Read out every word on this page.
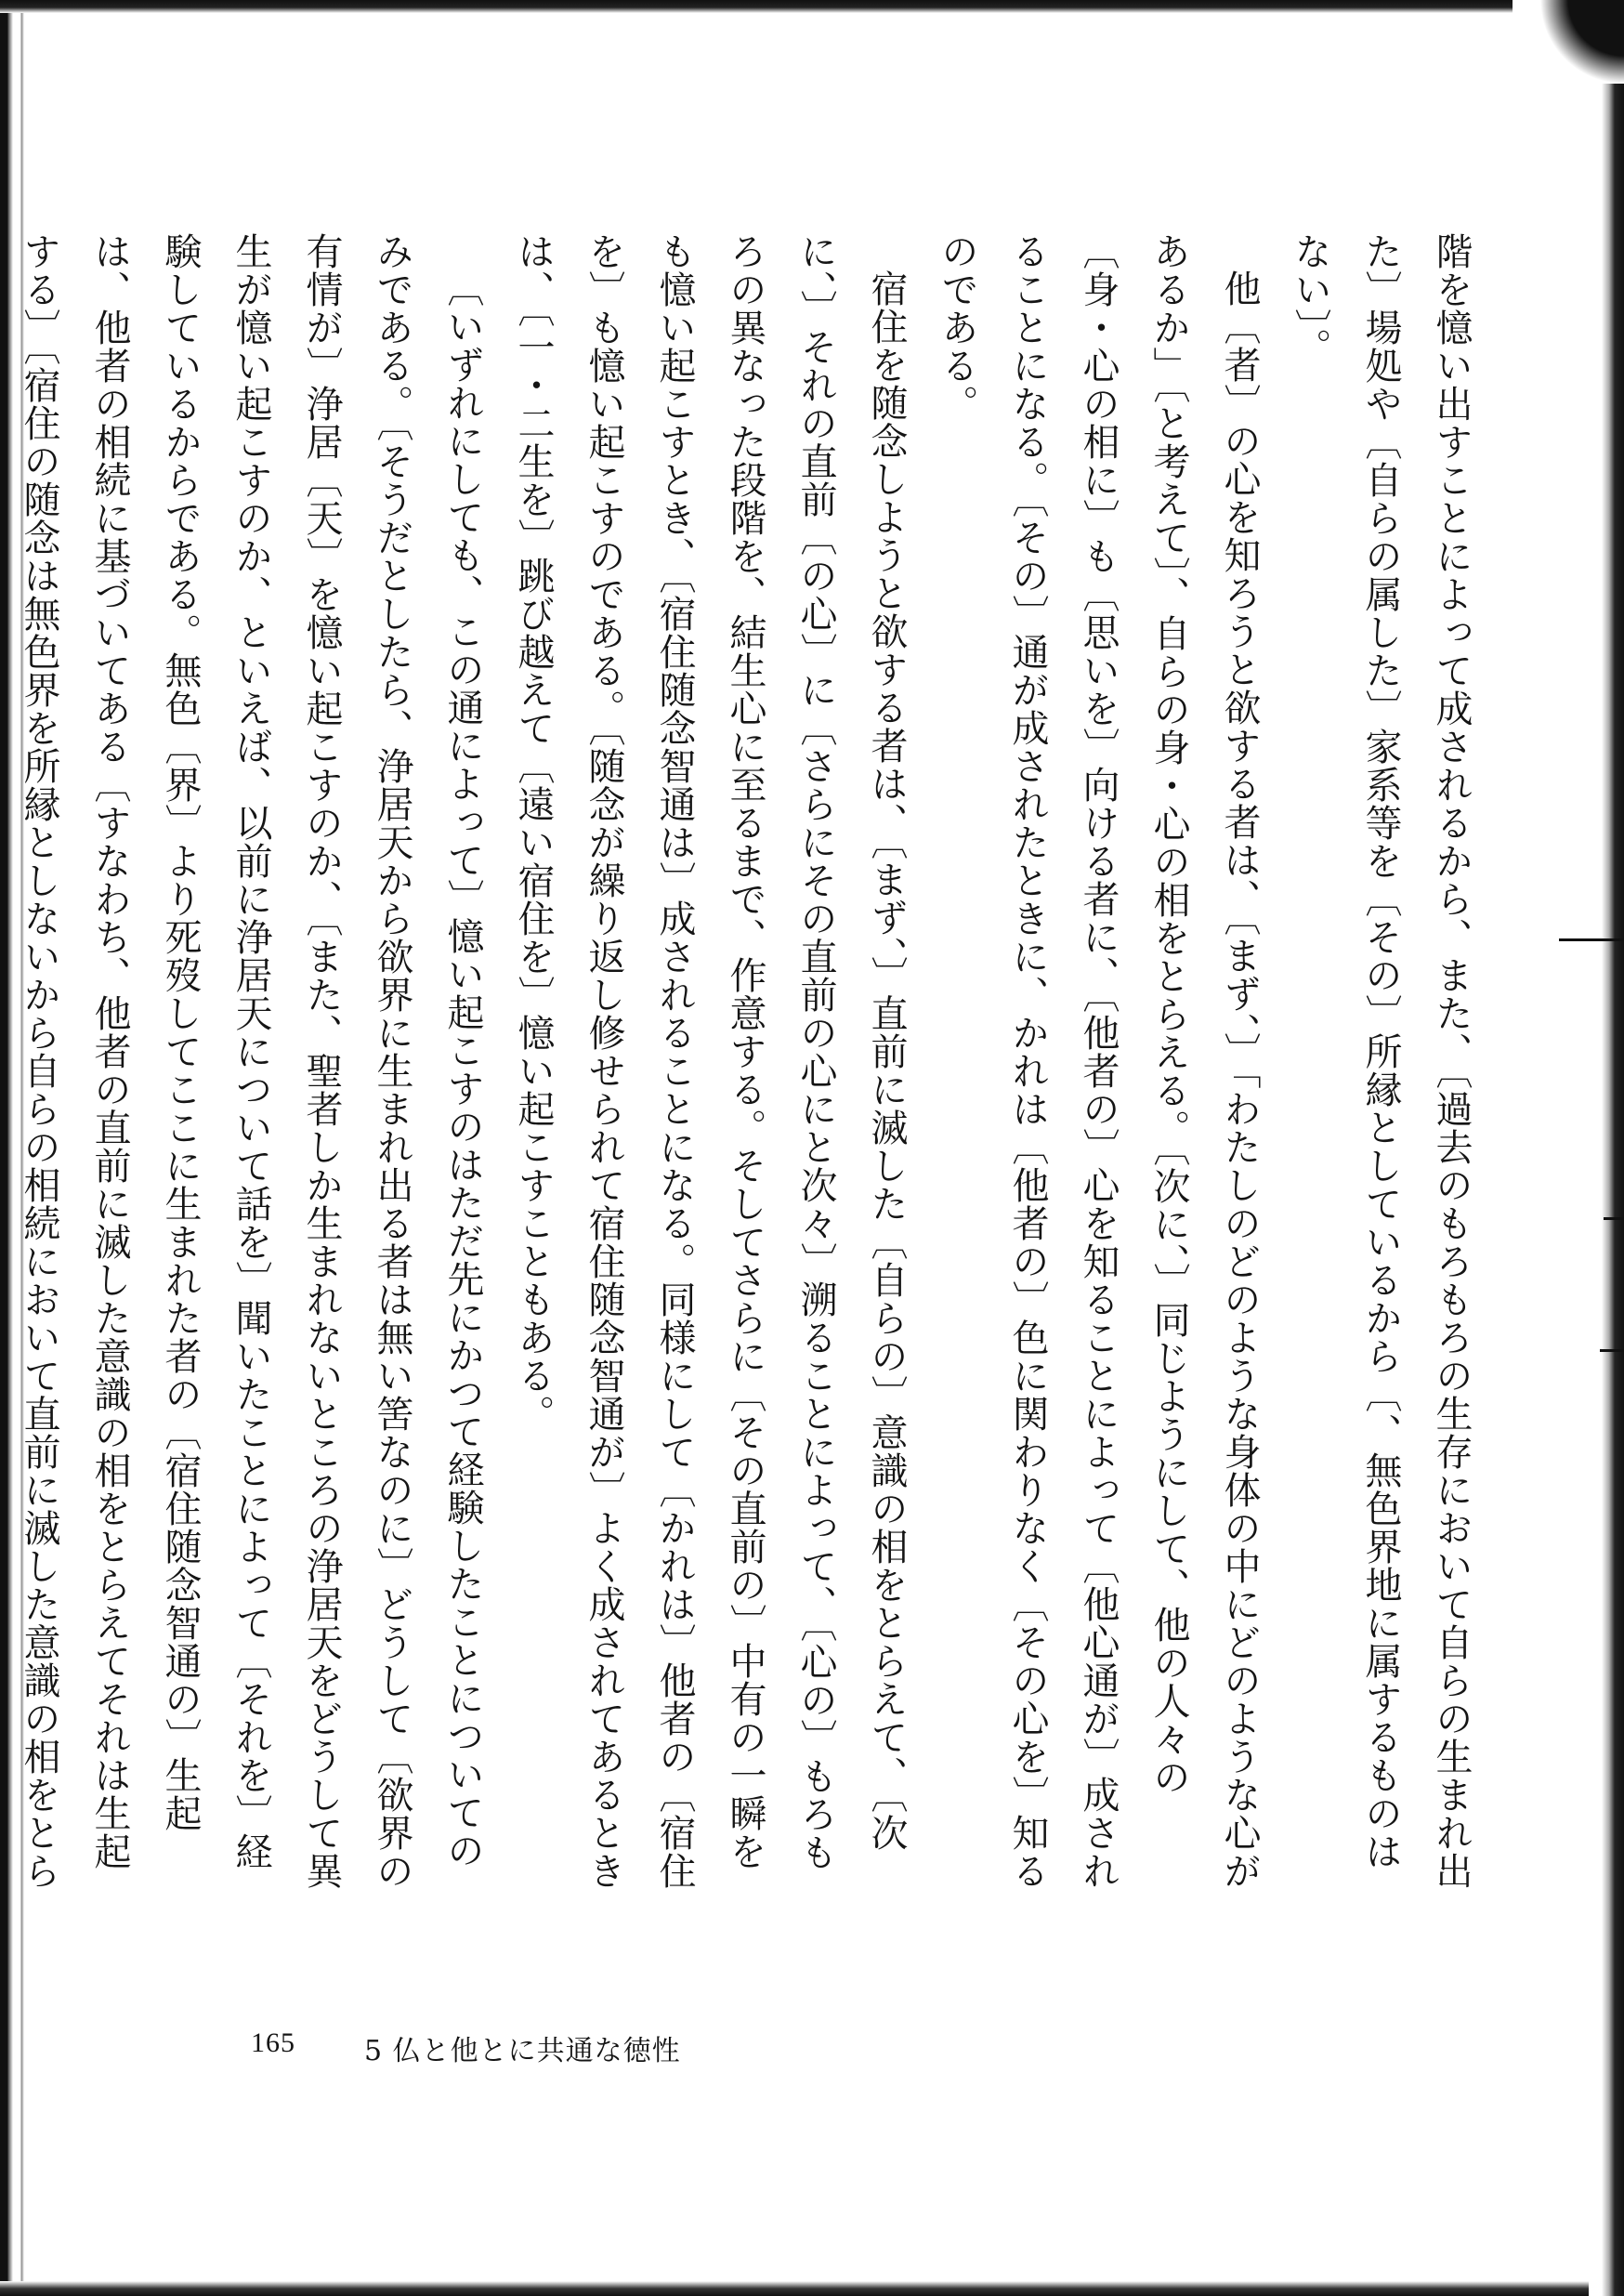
階を憶い出すことによって成されるから、また、〔過去のもろもろの生存において自らの生まれ出た〕場処や〔自らの属した〕家系等を〔その〕所縁としているから〔、無色界地に属するものはない〕。

他〔者〕の心を知ろうと欲する者は、〔まず、〕「わたしのどのような身体の中にどのような心があるか」〔と考えて〕、自らの身・心の相をとらえる。〔次に、〕同じようにして、他の人々の〔身・心の相に〕も〔思いを〕向ける者に、〔他者の〕心を知ることによって〔他心通が〕成されることになる。〔その〕通が成されたときに、かれは〔他者の〕色に関わりなく〔その心を〕知るのである。

宿住を随念しようと欲する者は、〔まず、〕直前に滅した〔自らの〕意識の相をとらえて、〔次に、〕それの直前〔の心〕に〔さらにその直前の心にと次々〕溯ることによって、〔心の〕もろもろの異なった段階を、結生心に至るまで、作意する。そしてさらに〔その直前の〕中有の一瞬をも憶い起こすとき、〔宿住随念智通は〕成されることになる。同様にして〔かれは〕他者の〔宿住を〕も憶い起こすのである。〔随念が繰り返し修せられて宿住随念智通が〕よく成されてあるときは、〔一・二生を〕跳び越えて〔遠い宿住を〕憶い起こすこともある。

〔いずれにしても、この通によって〕憶い起こすのはただ先にかつて経験したことについてのみである。〔そうだとしたら、浄居天から欲界に生まれ出る者は無い筈なのに〕どうして〔欲界の有情が〕浄居〔天〕を憶い起こすのか、〔また、聖者しか生まれないところの浄居天をどうして異生が憶い起こすのか、といえば、以前に浄居天について話を〕聞いたことによって〔それを〕経験しているからである。無色〔界〕より死歿してここに生まれた者の〔宿住随念智通の〕生起は、他者の相続に基づいてある〔すなわち、他者の直前に滅した意識の相をとらえてそれは生起する〕〔宿住の随念は無色界を所縁としないから自らの相続において直前に滅した意識の相をとら

165 5 仏と他とに共通な徳性
